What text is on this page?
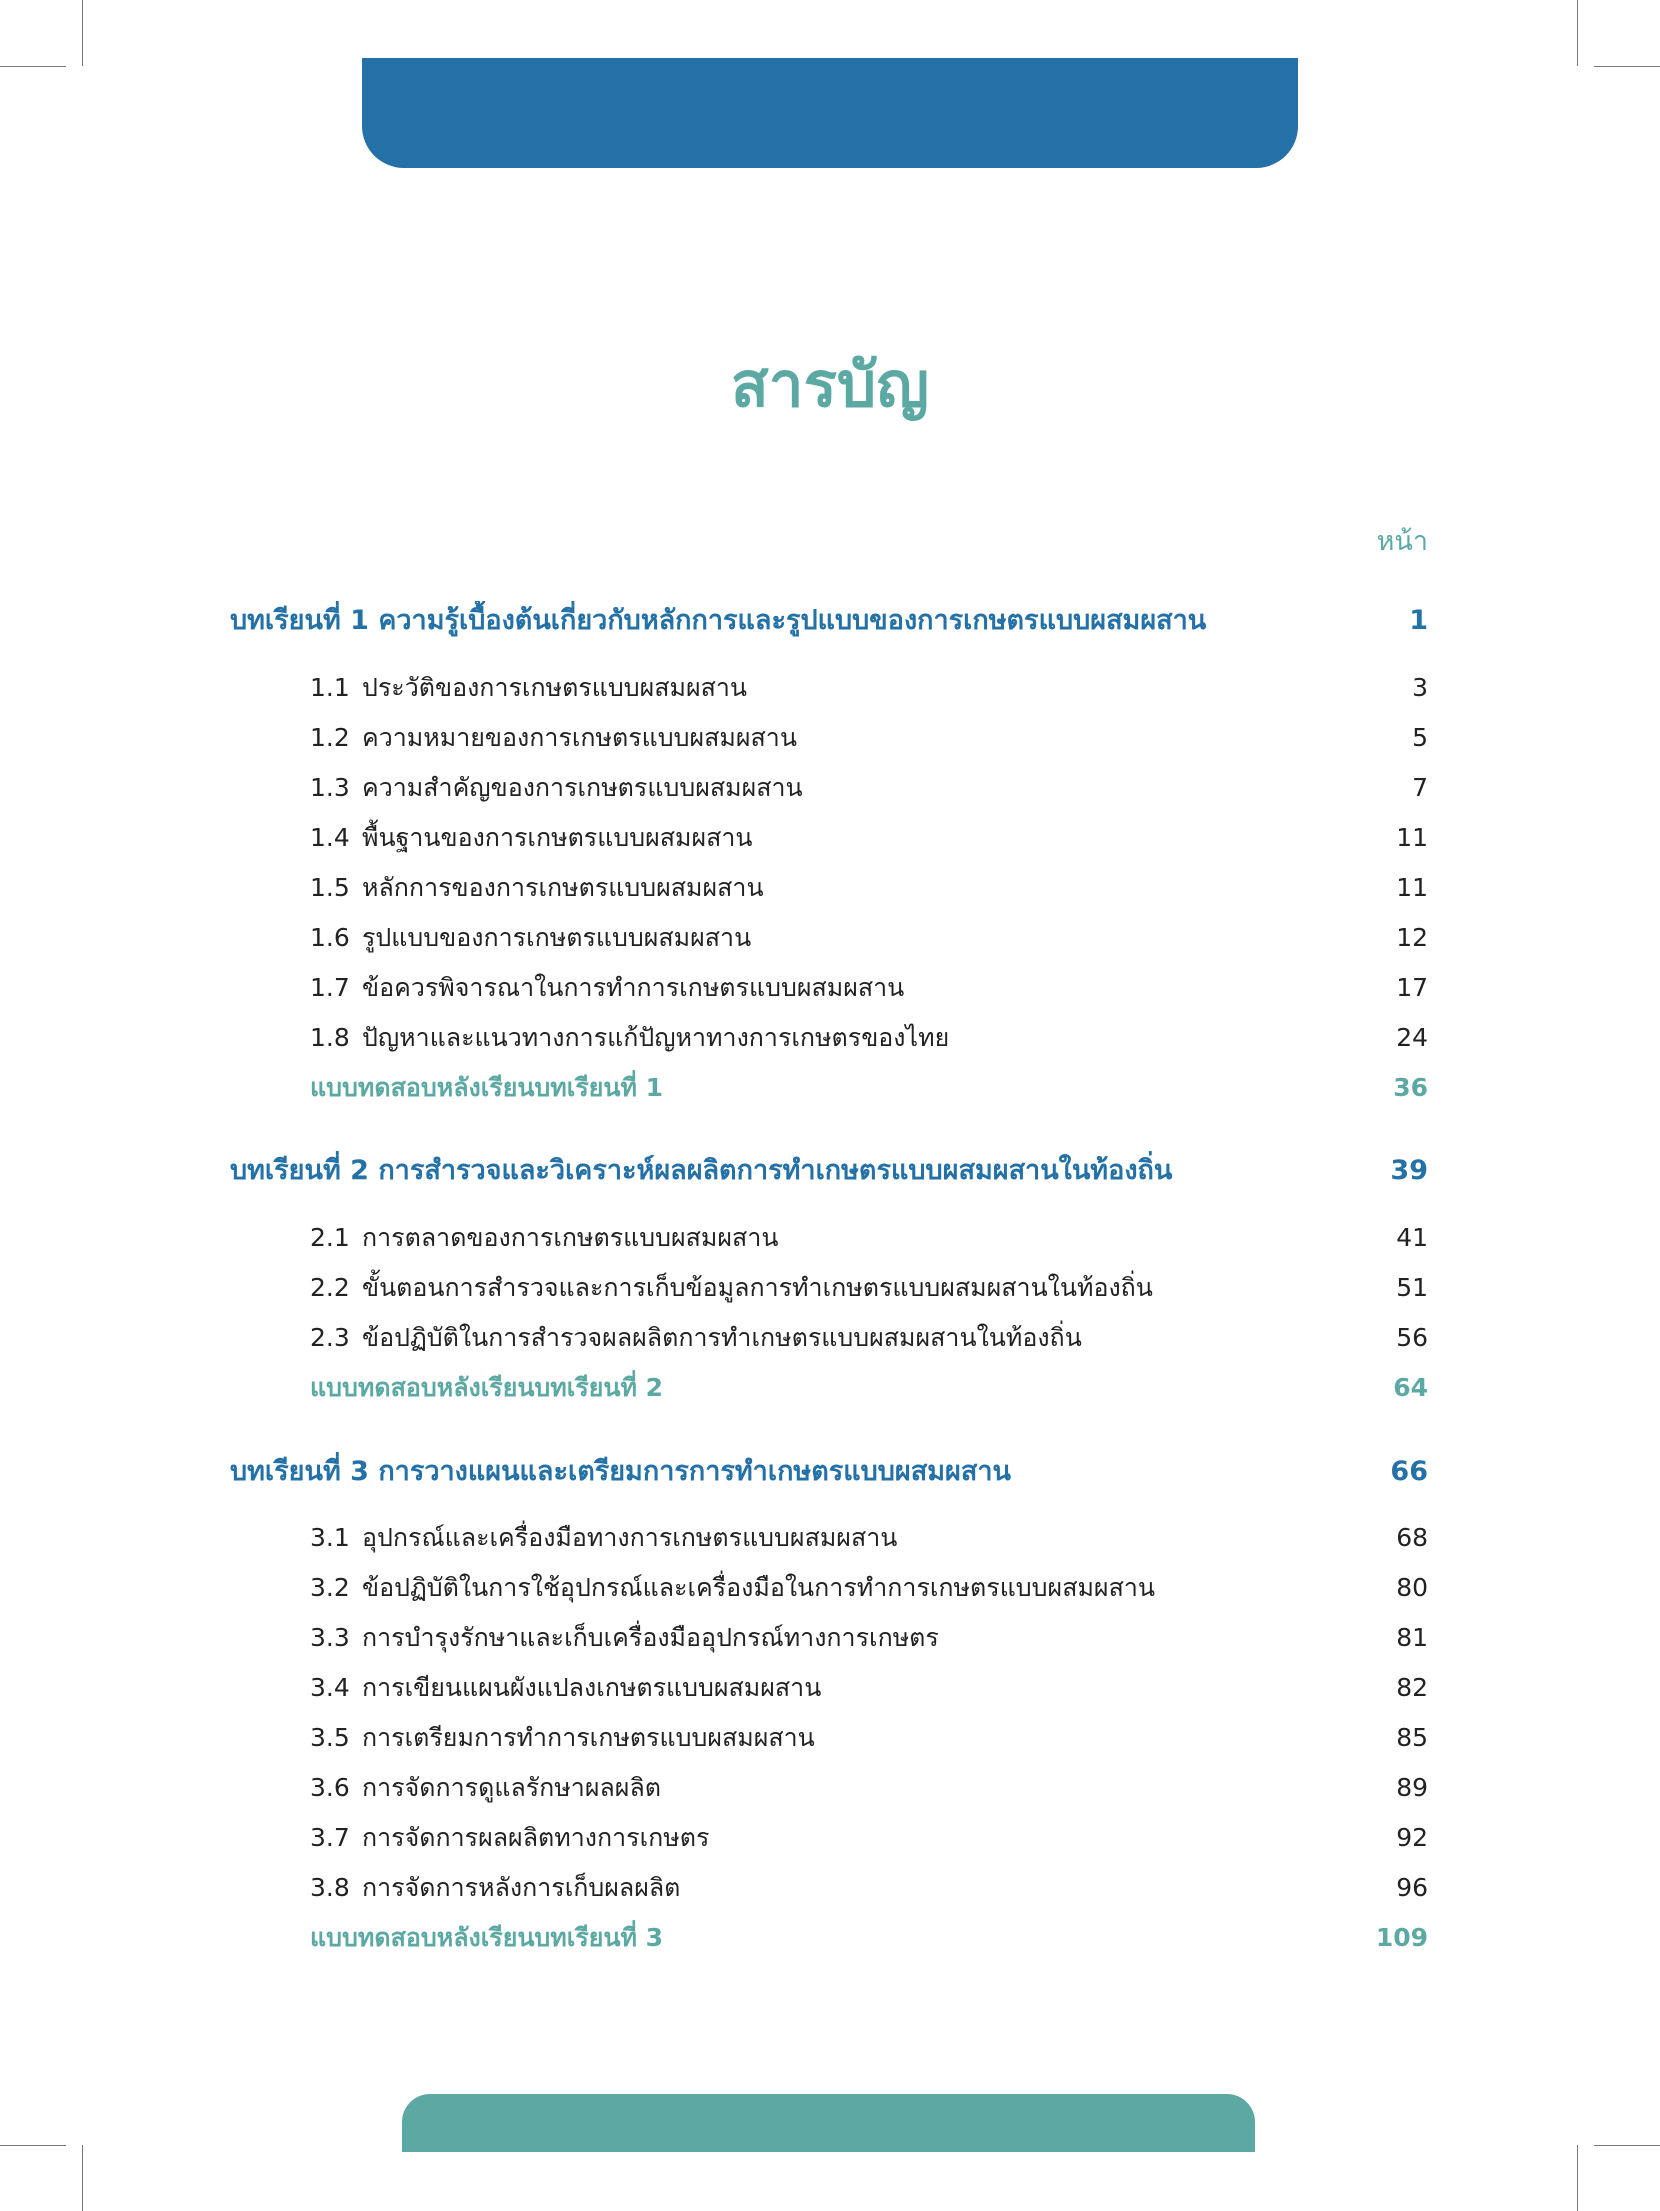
สารบัญ
หน้า
บทเรียนที่ 1 ความรู้เบื้องต้นเกี่ยวกับหลักการและรูปแบบของการเกษตรแบบผสมผสาน	1
1.1 ประวัติของการเกษตรแบบผสมผสาน	3
1.2 ความหมายของการเกษตรแบบผสมผสาน	5
1.3 ความสำคัญของการเกษตรแบบผสมผสาน	7
1.4 พื้นฐานของการเกษตรแบบผสมผสาน	11
1.5 หลักการของการเกษตรแบบผสมผสาน	11
1.6 รูปแบบของการเกษตรแบบผสมผสาน	12
1.7 ข้อควรพิจารณาในการทำการเกษตรแบบผสมผสาน	17
1.8 ปัญหาและแนวทางการแก้ปัญหาทางการเกษตรของไทย	24
แบบทดสอบหลังเรียนบทเรียนที่ 1	36
บทเรียนที่ 2 การสำรวจและวิเคราะห์ผลผลิตการทำเกษตรแบบผสมผสานในท้องถิ่น	39
2.1 การตลาดของการเกษตรแบบผสมผสาน	41
2.2 ขั้นตอนการสำรวจและการเก็บข้อมูลการทำเกษตรแบบผสมผสานในท้องถิ่น	51
2.3 ข้อปฏิบัติในการสำรวจผลผลิตการทำเกษตรแบบผสมผสานในท้องถิ่น	56
แบบทดสอบหลังเรียนบทเรียนที่ 2	64
บทเรียนที่ 3 การวางแผนและเตรียมการการทำเกษตรแบบผสมผสาน	66
3.1 อุปกรณ์และเครื่องมือทางการเกษตรแบบผสมผสาน	68
3.2 ข้อปฏิบัติในการใช้อุปกรณ์และเครื่องมือในการทำการเกษตรแบบผสมผสาน	80
3.3 การบำรุงรักษาและเก็บเครื่องมืออุปกรณ์ทางการเกษตร	81
3.4 การเขียนแผนผังแปลงเกษตรแบบผสมผสาน	82
3.5 การเตรียมการทำการเกษตรแบบผสมผสาน	85
3.6 การจัดการดูแลรักษาผลผลิต	89
3.7 การจัดการผลผลิตทางการเกษตร	92
3.8 การจัดการหลังการเก็บผลผลิต	96
แบบทดสอบหลังเรียนบทเรียนที่ 3	109
